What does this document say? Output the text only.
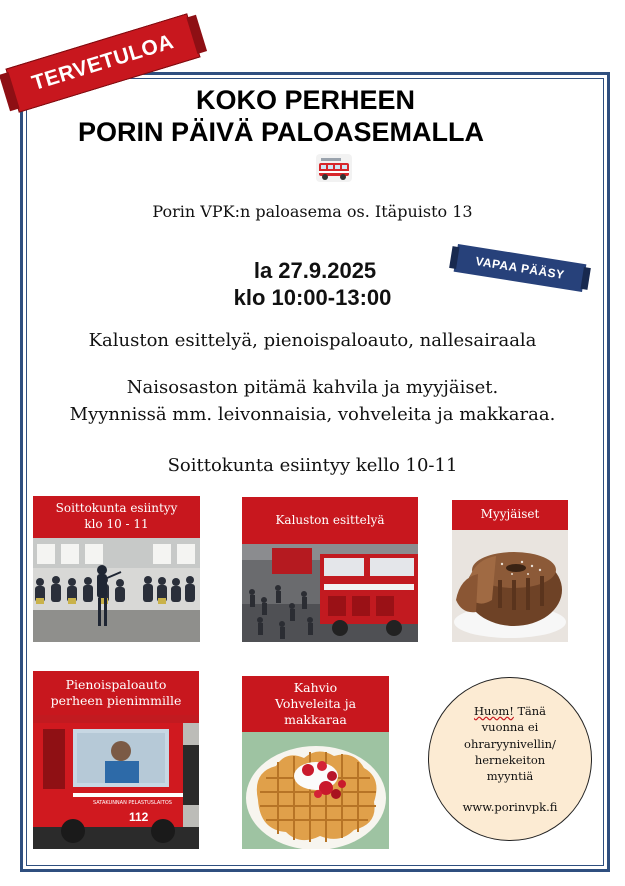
TERVETULOA
KOKO PERHEEN
PORIN PÄIVÄ PALOASEMALLA
Porin VPK:n paloasema os. Itäpuisto 13
VAPAA PÄÄSY
la 27.9.2025
klo 10:00-13:00
Kaluston esittelyä, pienoispaloauto, nallesairaala
Naisosaston pitämä kahvila ja myyjäiset.
Myynnissä mm. leivonnaisia, vohveleita ja makkaraa.
Soittokunta esiintyy kello 10-11
Soittokunta esiintyy
klo 10 - 11	Kaluston esittelyä	Myyjäiset
Pienoispaloauto
perheen pienimmille
SATAKUNNAN PELASTUSLAITOS
112
Kahvio
Vohveleita ja
makkaraa
Huom! Tänä vuonna ei ohraryynivellin/ hernekeiton myyntiä
www.porinvpk.fi
